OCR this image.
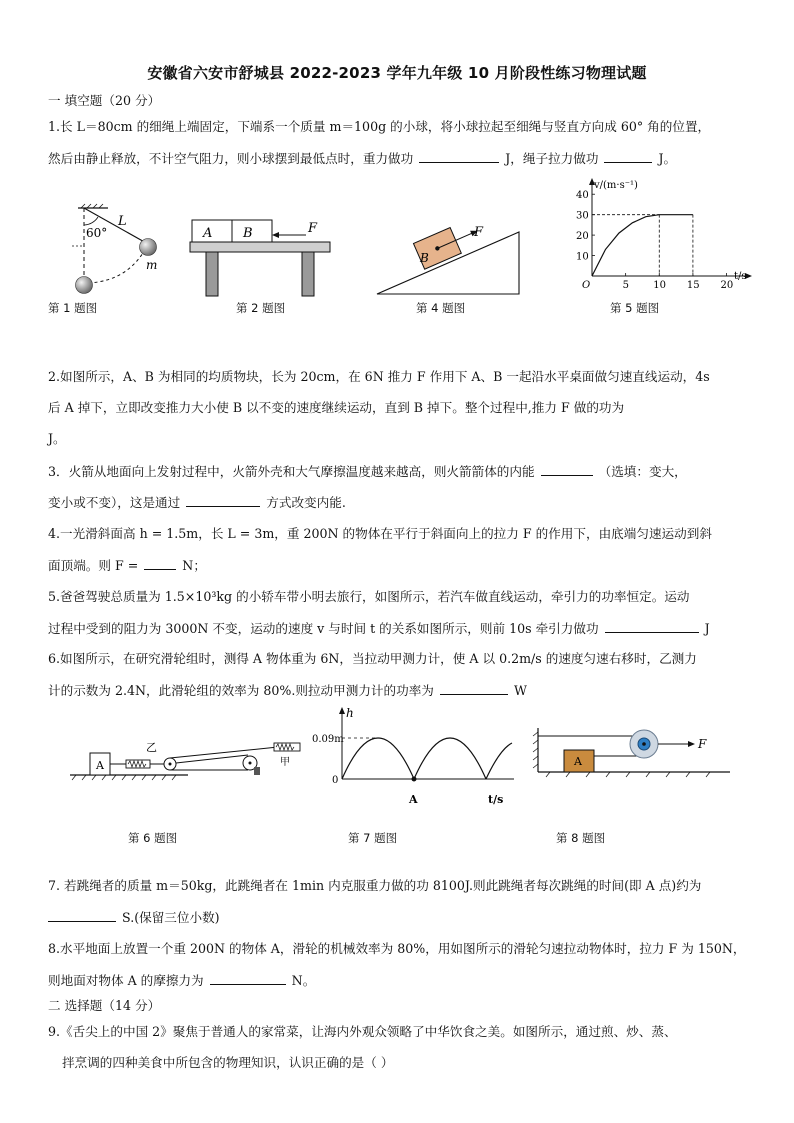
安徽省六安市舒城县 2022-2023 学年九年级 10 月阶段性练习物理试题
一 填空题（20 分）
1.长 L＝80cm 的细绳上端固定，下端系一个质量 m＝100g 的小球，将小球拉起至细绳与竖直方向成 60° 角的位置，
然后由静止释放，不计空气阻力，则小球摆到最低点时，重力做功	J，绳子拉力做功	J。
L
60°
m
第 1 题图
A B	F
第 2 题图
B
F
第 4 题图
v/(m·s⁻¹)
t/s
O	5 10 15 20
10
20
30
40
第 5 题图
2.如图所示，A、B 为相同的均质物块，长为 20cm，在 6N 推力 F 作用下 A、B 一起沿水平桌面做匀速直线运动，4s
后 A 掉下，立即改变推力大小使 B 以不变的速度继续运动，直到 B 掉下。整个过程中,推力 F 做的功为
J。
3．火箭从地面向上发射过程中，火箭外壳和大气摩擦温度越来越高，则火箭箭体的内能	（选填：变大，
变小或不变），这是通过	方式改变内能.
4.一光滑斜面高 h = 1.5m，长 L = 3m，重 200N 的物体在平行于斜面向上的拉力 F 的作用下，由底端匀速运动到斜
面顶端。则 F =	N；
5.爸爸驾驶总质量为 1.5×10³kg 的小轿车带小明去旅行，如图所示，若汽车做直线运动，牵引力的功率恒定。运动
过程中受到的阻力为 3000N 不变，运动的速度 v 与时间 t 的关系如图所示，则前 10s 牵引力做功	J
6.如图所示，在研究滑轮组时，测得 A 物体重为 6N，当拉动甲测力计，使 A 以 0.2m/s 的速度匀速右移时，乙测力
计的示数为 2.4N，此滑轮组的效率为 80%.则拉动甲测力计的功率为	W
A
乙
甲
第 6 题图
h
0.09m
0
A	t/s
第 7 题图
A
F
第 8 题图
7. 若跳绳者的质量 m＝50kg，此跳绳者在 1min 内克服重力做的功 8100J.则此跳绳者每次跳绳的时间(即 A 点)约为
S.(保留三位小数)
8.水平地面上放置一个重 200N 的物体 A，滑轮的机械效率为 80%，用如图所示的滑轮匀速拉动物体时，拉力 F 为 150N，
则地面对物体 A 的摩擦力为	N。
二 选择题（14 分）
9.《舌尖上的中国 2》聚焦于普通人的家常菜，让海内外观众领略了中华饮食之美。如图所示，通过煎、炒、蒸、
拌烹调的四种美食中所包含的物理知识，认识正确的是（ ）
